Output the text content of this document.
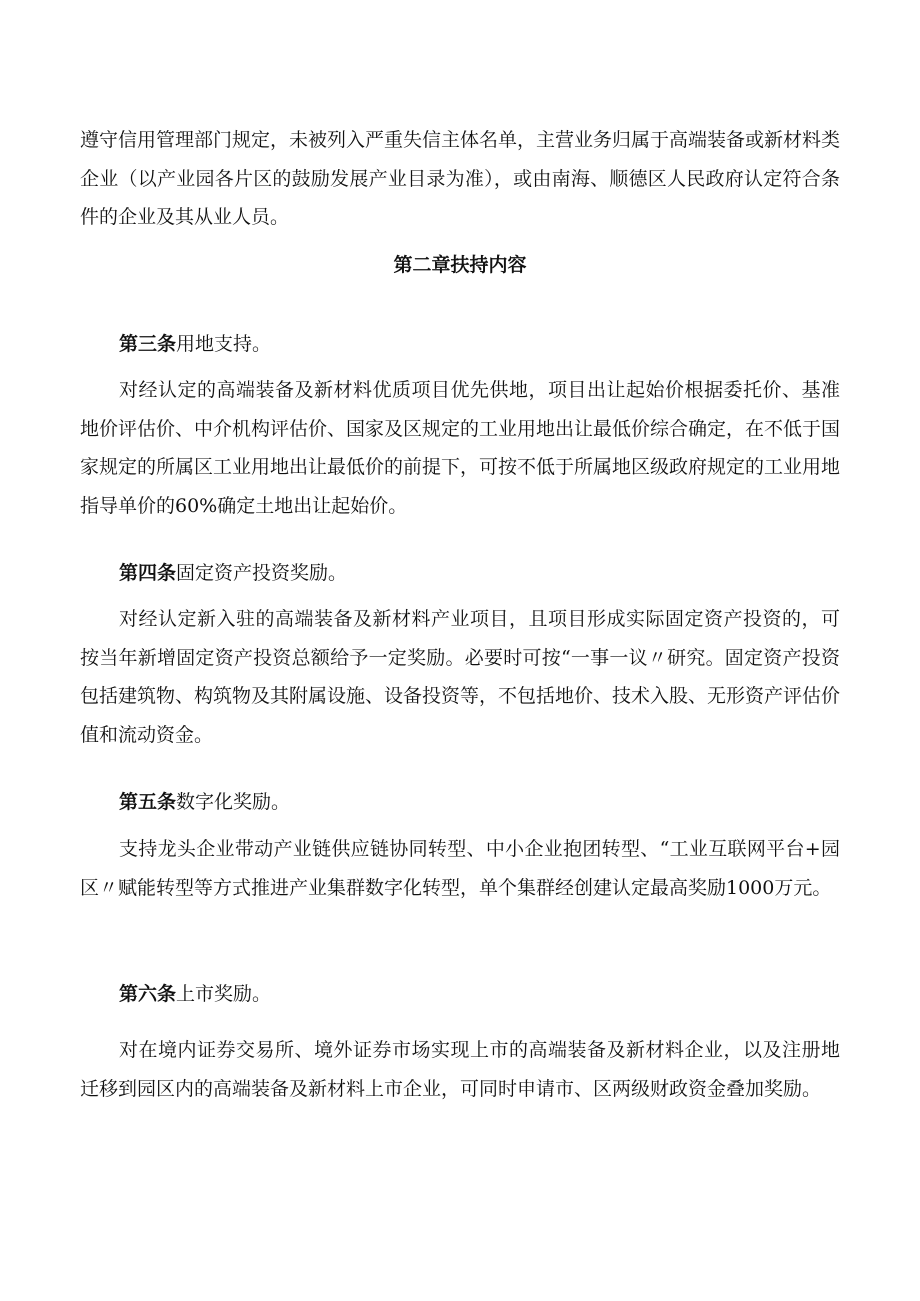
遵守信用管理部门规定，未被列入严重失信主体名单，主营业务归属于高端装备或新材料类企业（以产业园各片区的鼓励发展产业目录为准），或由南海、顺德区人民政府认定符合条件的企业及其从业人员。

第二章扶持内容

第三条用地支持。

对经认定的高端装备及新材料优质项目优先供地，项目出让起始价根据委托价、基准地价评估价、中介机构评估价、国家及区规定的工业用地出让最低价综合确定，在不低于国家规定的所属区工业用地出让最低价的前提下，可按不低于所属地区级政府规定的工业用地指导单价的60%确定土地出让起始价。

第四条固定资产投资奖励。

对经认定新入驻的高端装备及新材料产业项目，且项目形成实际固定资产投资的，可按当年新增固定资产投资总额给予一定奖励。必要时可按“一事一议〃研究。固定资产投资包括建筑物、构筑物及其附属设施、设备投资等，不包括地价、技术入股、无形资产评估价值和流动资金。

第五条数字化奖励。

支持龙头企业带动产业链供应链协同转型、中小企业抱团转型、“工业互联网平台+园区〃赋能转型等方式推进产业集群数字化转型，单个集群经创建认定最高奖励1000万元。

第六条上市奖励。

对在境内证券交易所、境外证券市场实现上市的高端装备及新材料企业，以及注册地迁移到园区内的高端装备及新材料上市企业，可同时申请市、区两级财政资金叠加奖励。
